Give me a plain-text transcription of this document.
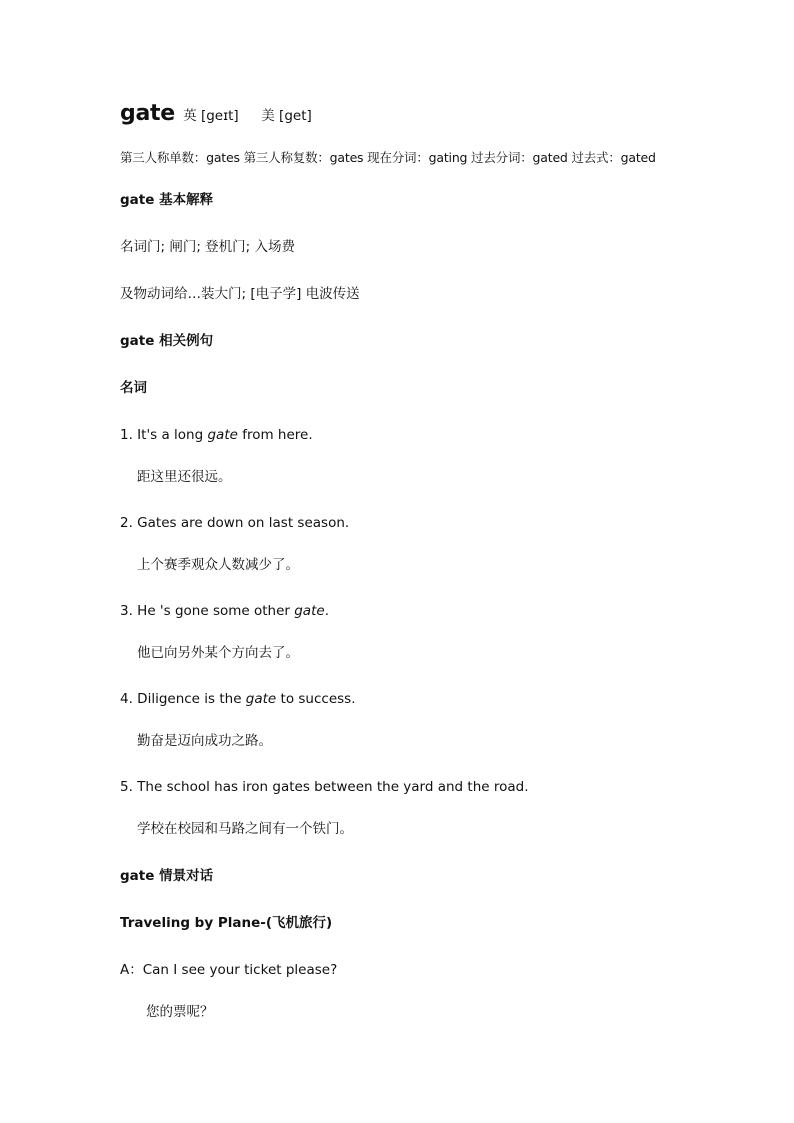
gate 英 [geɪt] 美 [get]
第三人称单数：gates 第三人称复数：gates 现在分词：gating 过去分词：gated 过去式：gated
gate 基本解释
名词门; 闸门; 登机门; 入场费
及物动词给…装大门; [电子学] 电波传送
gate 相关例句
名词
1. It's a long gate from here.
距这里还很远。
2. Gates are down on last season.
上个赛季观众人数减少了。
3. He 's gone some other gate.
他已向另外某个方向去了。
4. Diligence is the gate to success.
勤奋是迈向成功之路。
5. The school has iron gates between the yard and the road.
学校在校园和马路之间有一个铁门。
gate 情景对话
Traveling by Plane-(飞机旅行)
A：Can I see your ticket please?
您的票呢？
